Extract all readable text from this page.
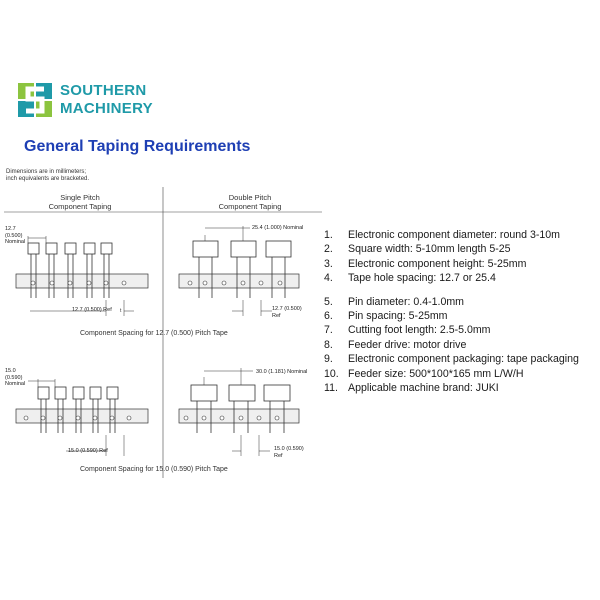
SOUTHERN
MACHINERY
General Taping Requirements
Dimensions are in millimeters;
inch equivalents are bracketed.
Single Pitch
Component Taping
Double Pitch
Component Taping
t
12.7
(0.500)
Nominal
25.4 (1.000) Nominal
12.7 (0.500) Ref	12.7 (0.500)
Ref
15.0
(0.590)
Nominal
30.0 (1.181) Nominal
15.0 (0.590) Ref	15.0 (0.590)
Ref
Component Spacing for 12.7 (0.500) Pitch Tape
Component Spacing for 15.0 (0.590) Pitch Tape
1. Electronic component diameter: round 3-10m
2. Square width: 5-10mm length 5-25
3. Electronic component height: 5-25mm
4. Tape hole spacing: 12.7 or 25.4
5. Pin diameter: 0.4-1.0mm
6. Pin spacing: 5-25mm
7. Cutting foot length: 2.5-5.0mm
8. Feeder drive: motor drive
9. Electronic component packaging: tape packaging
10. Feeder size: 500*100*165 mm L/W/H
11. Applicable machine brand: JUKI
